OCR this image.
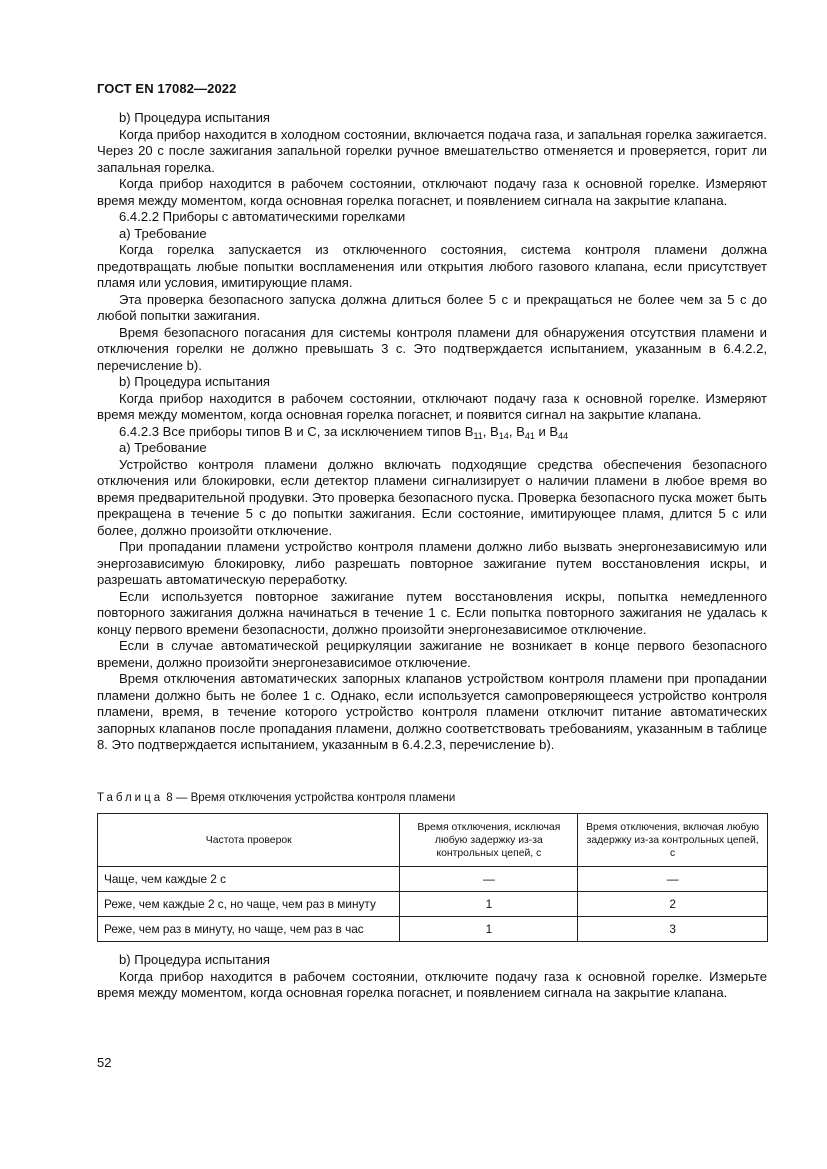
ГОСТ EN 17082—2022

b) Процедура испытания

Когда прибор находится в холодном состоянии, включается подача газа, и запальная горелка зажигается. Через 20 с после зажигания запальной горелки ручное вмешательство отменяется и проверяется, горит ли запальная горелка.

Когда прибор находится в рабочем состоянии, отключают подачу газа к основной горелке. Измеряют время между моментом, когда основная горелка погаснет, и появлением сигнала на закрытие клапана.

6.4.2.2 Приборы с автоматическими горелками

а) Требование

Когда горелка запускается из отключенного состояния, система контроля пламени должна предотвращать любые попытки воспламенения или открытия любого газового клапана, если присутствует пламя или условия, имитирующие пламя.

Эта проверка безопасного запуска должна длиться более 5 с и прекращаться не более чем за 5 с до любой попытки зажигания.

Время безопасного погасания для системы контроля пламени для обнаружения отсутствия пламени и отключения горелки не должно превышать 3 с. Это подтверждается испытанием, указанным в 6.4.2.2, перечисление b).

b) Процедура испытания

Когда прибор находится в рабочем состоянии, отключают подачу газа к основной горелке. Измеряют время между моментом, когда основная горелка погаснет, и появится сигнал на закрытие клапана.

6.4.2.3 Все приборы типов B и C, за исключением типов $B_{11}$, $B_{14}$, $B_{41}$ и $B_{44}$

а) Требование

Устройство контроля пламени должно включать подходящие средства обеспечения безопасного отключения или блокировки, если детектор пламени сигнализирует о наличии пламени в любое время во время предварительной продувки. Это проверка безопасного пуска. Проверка безопасного пуска может быть прекращена в течение 5 с до попытки зажигания. Если состояние, имитирующее пламя, длится 5 с или более, должно произойти отключение.

При пропадании пламени устройство контроля пламени должно либо вызвать энергонезависимую или энергозависимую блокировку, либо разрешать повторное зажигание путем восстановления искры, и разрешать автоматическую переработку.

Если используется повторное зажигание путем восстановления искры, попытка немедленного повторного зажигания должна начинаться в течение 1 с. Если попытка повторного зажигания не удалась к концу первого времени безопасности, должно произойти энергонезависимое отключение.

Если в случае автоматической рециркуляции зажигание не возникает в конце первого безопасного времени, должно произойти энергонезависимое отключение.

Время отключения автоматических запорных клапанов устройством контроля пламени при пропадании пламени должно быть не более 1 с. Однако, если используется самопроверяющееся устройство контроля пламени, время, в течение которого устройство контроля пламени отключит питание автоматических запорных клапанов после пропадания пламени, должно соответствовать требованиям, указанным в таблице 8. Это подтверждается испытанием, указанным в 6.4.2.3, перечисление b).

Таблица 8 — Время отключения устройства контроля пламени
Частота проверок	Время отключения, исключая любую задержку из-за контрольных цепей, с	Время отключения, включая любую задержку из-за контрольных цепей, с
Чаще, чем каждые 2 с	—	—
Реже, чем каждые 2 с, но чаще, чем раз в минуту	1	2
Реже, чем раз в минуту, но чаще, чем раз в час	1	3

b) Процедура испытания

Когда прибор находится в рабочем состоянии, отключите подачу газа к основной горелке. Измерьте время между моментом, когда основная горелка погаснет, и появлением сигнала на закрытие клапана.

52
